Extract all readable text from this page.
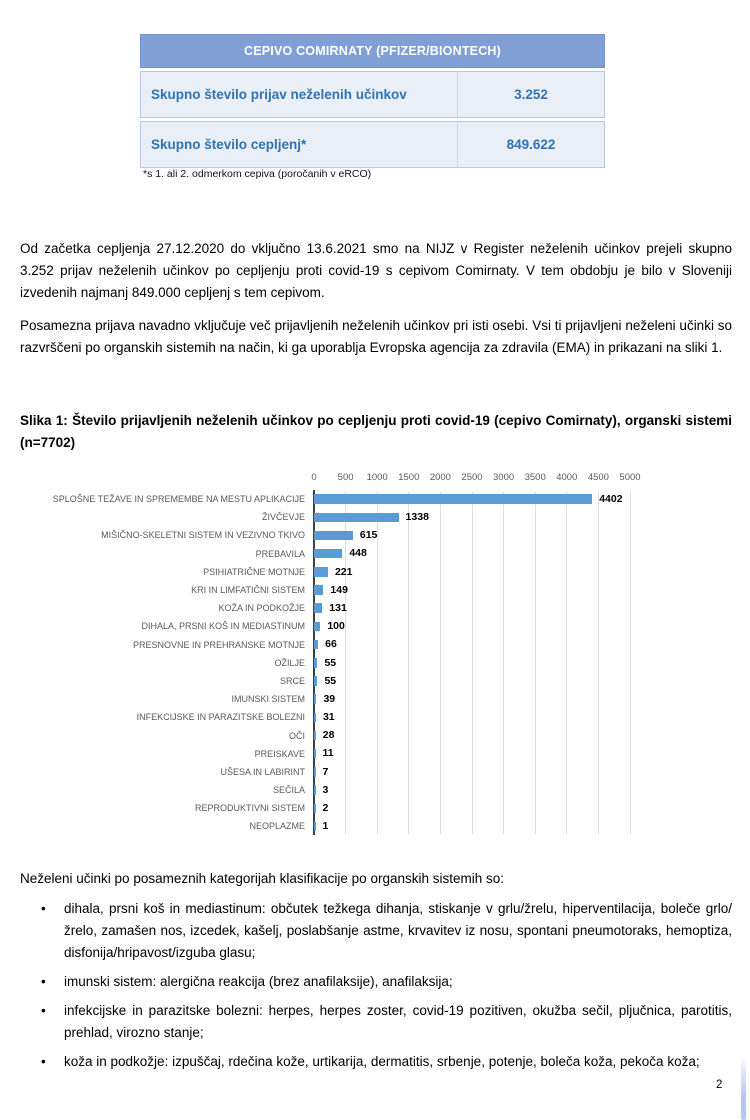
CEPIVO COMIRNATY (PFIZER/BIONTECH)	
Skupno število prijav neželenih učinkov	3.252
Skupno število cepljenj*	849.622
*s 1. ali 2. odmerkom cepiva (poročanih v eRCO)

Od začetka cepljenja 27.12.2020 do vključno 13.6.2021 smo na NIJZ v Register neželenih učinkov prejeli skupno 3.252 prijav neželenih učinkov po cepljenju proti covid-19 s cepivom Comirnaty. V tem obdobju je bilo v Sloveniji izvedenih najmanj 849.000 cepljenj s tem cepivom.

Posamezna prijava navadno vključuje več prijavljenih neželenih učinkov pri isti osebi. Vsi ti prijavljeni neželeni učinki so razvrščeni po organskih sistemih na način, ki ga uporablja Evropska agencija za zdravila (EMA) in prikazani na sliki 1.

Slika 1: Število prijavljenih neželenih učinkov po cepljenju proti covid-19 (cepivo Comirnaty), organski sistemi (n=7702)

0 500 1000 1500 2000 2500 3000 3500 4000 4500 5000
SPLOŠNE TEŽAVE IN SPREMEMBE NA MESTU APLIKACIJE	4402
ŽIVČEVJE	1338
MIŠIČNO-SKELETNI SISTEM IN VEZIVNO TKIVO	615
PREBAVILA	448
PSIHIATRIČNE MOTNJE	221
KRI IN LIMFATIČNI SISTEM	149
KOŽA IN PODKOŽJE	131
DIHALA, PRSNI KOŠ IN MEDIASTINUM	100
PRESNOVNE IN PREHRANSKE MOTNJE	66
OŽILJE	55
SRCE	55
IMUNSKI SISTEM	39
INFEKCIJSKE IN PARAZITSKE BOLEZNI	31
OČI	28
PREISKAVE	11
UŠESA IN LABIRINT	7
SEČILA	3
REPRODUKTIVNI SISTEM	2
NEOPLAZME	1

Neželeni učinki po posameznih kategorijah klasifikacije po organskih sistemih so:

• dihala, prsni koš in mediastinum: občutek težkega dihanja, stiskanje v grlu/žrelu, hiperventilacija, boleče grlo/žrelo, zamašen nos, izcedek, kašelj, poslabšanje astme, krvavitev iz nosu, spontani pneumotoraks, hemoptiza, disfonija/hripavost/izguba glasu;
• imunski sistem: alergična reakcija (brez anafilaksije), anafilaksija;
• infekcijske in parazitske bolezni: herpes, herpes zoster, covid-19 pozitiven, okužba sečil, pljučnica, parotitis, prehlad, virozno stanje;
• koža in podkožje: izpuščaj, rdečina kože, urtikarija, dermatitis, srbenje, potenje, boleča koža, pekoča koža;
2
